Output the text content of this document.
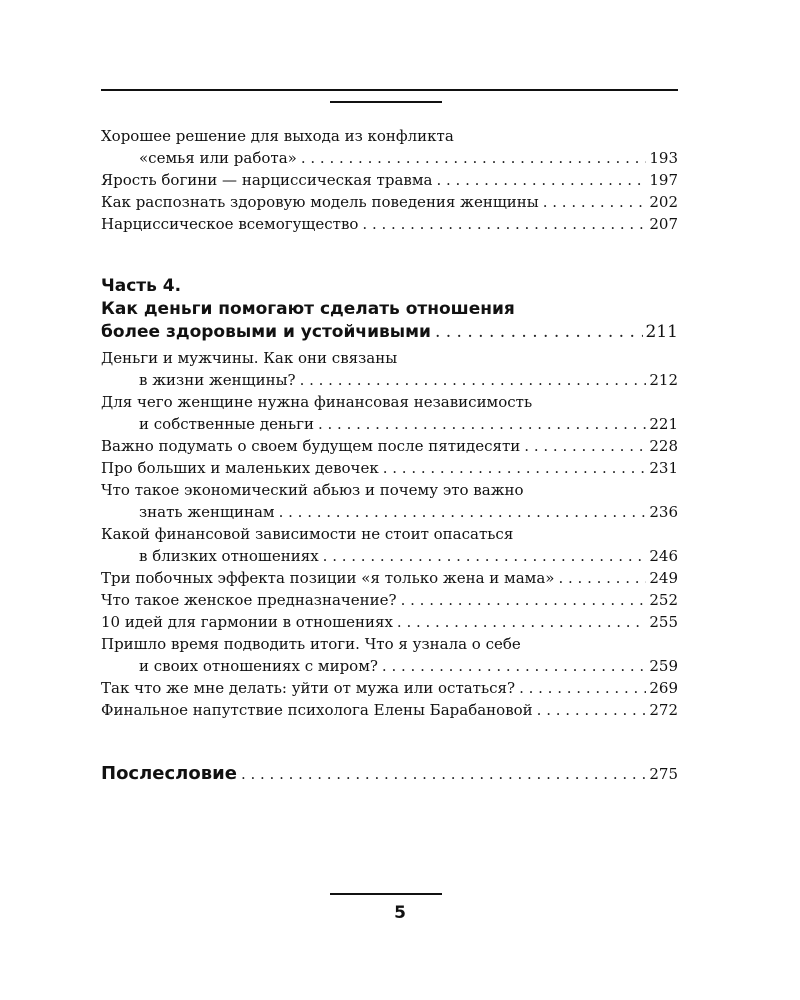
Хорошее решение для выхода из конфликта
«семья или работа» . . .	193
Ярость богини — нарциссическая травма . . .	197
Как распознать здоровую модель поведения женщины . . .	202
Нарциссическое всемогущество . . .	207
Часть 4.
Как деньги помогают сделать отношения
более здоровыми и устойчивыми . . .	211
Деньги и мужчины. Как они связаны
в жизни женщины? . . .	212
Для чего женщине нужна финансовая независимость
и собственные деньги . . .	221
Важно подумать о своем будущем после пятидесяти . . .	228
Про больших и маленьких девочек . . .	231
Что такое экономический абьюз и почему это важно
знать женщинам . . .	236
Какой финансовой зависимости не стоит опасаться
в близких отношениях . . .	246
Три побочных эффекта позиции «я только жена и мама» . . .	249
Что такое женское предназначение? . . .	252
10 идей для гармонии в отношениях . . .	255
Пришло время подводить итоги. Что я узнала о себе
и своих отношениях с миром? . . .	259
Так что же мне делать: уйти от мужа или остаться? . . .	269
Финальное напутствие психолога Елены Барабановой . . .	272
Послесловие . . .	275
5
